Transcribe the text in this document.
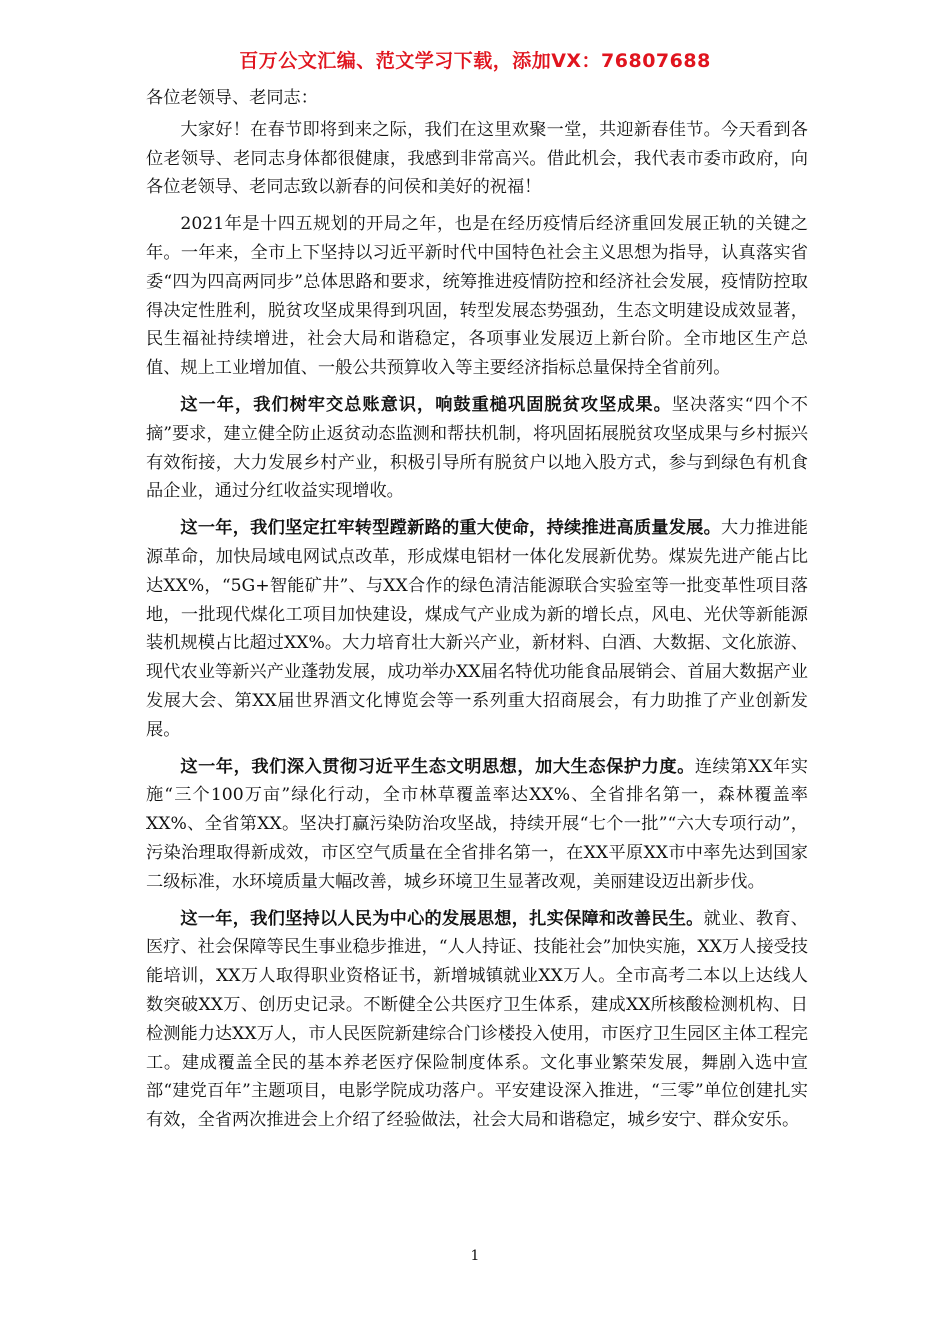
百万公文汇编、范文学习下载，添加VX：76807688

各位老领导、老同志：

大家好！在春节即将到来之际，我们在这里欢聚一堂，共迎新春佳节。今天看到各位老领导、老同志身体都很健康，我感到非常高兴。借此机会，我代表市委市政府，向各位老领导、老同志致以新春的问侯和美好的祝福！

2021年是十四五规划的开局之年，也是在经历疫情后经济重回发展正轨的关键之年。一年来，全市上下坚持以习近平新时代中国特色社会主义思想为指导，认真落实省委“四为四高两同步”总体思路和要求，统筹推进疫情防控和经济社会发展，疫情防控取得决定性胜利，脱贫攻坚成果得到巩固，转型发展态势强劲，生态文明建设成效显著，民生福祉持续增进，社会大局和谐稳定，各项事业发展迈上新台阶。全市地区生产总值、规上工业增加值、一般公共预算收入等主要经济指标总量保持全省前列。

这一年，我们树牢交总账意识，响鼓重槌巩固脱贫攻坚成果。坚决落实“四个不摘”要求，建立健全防止返贫动态监测和帮扶机制，将巩固拓展脱贫攻坚成果与乡村振兴有效衔接，大力发展乡村产业，积极引导所有脱贫户以地入股方式，参与到绿色有机食品企业，通过分红收益实现增收。

这一年，我们坚定扛牢转型蹚新路的重大使命，持续推进高质量发展。大力推进能源革命，加快局域电网试点改革，形成煤电铝材一体化发展新优势。煤炭先进产能占比达XX%，“5G+智能矿井”、与XX合作的绿色清洁能源联合实验室等一批变革性项目落地，一批现代煤化工项目加快建设，煤成气产业成为新的增长点，风电、光伏等新能源装机规模占比超过XX%。大力培育壮大新兴产业，新材料、白酒、大数据、文化旅游、现代农业等新兴产业蓬勃发展，成功举办XX届名特优功能食品展销会、首届大数据产业发展大会、第XX届世界酒文化博览会等一系列重大招商展会，有力助推了产业创新发展。

这一年，我们深入贯彻习近平生态文明思想，加大生态保护力度。连续第XX年实施“三个100万亩”绿化行动，全市林草覆盖率达XX%、全省排名第一，森林覆盖率XX%、全省第XX。坚决打赢污染防治攻坚战，持续开展“七个一批”“六大专项行动”，污染治理取得新成效，市区空气质量在全省排名第一，在XX平原XX市中率先达到国家二级标准，水环境质量大幅改善，城乡环境卫生显著改观，美丽建设迈出新步伐。

这一年，我们坚持以人民为中心的发展思想，扎实保障和改善民生。就业、教育、医疗、社会保障等民生事业稳步推进，“人人持证、技能社会”加快实施，XX万人接受技能培训，XX万人取得职业资格证书，新增城镇就业XX万人。全市高考二本以上达线人数突破XX万、创历史记录。不断健全公共医疗卫生体系，建成XX所核酸检测机构、日检测能力达XX万人，市人民医院新建综合门诊楼投入使用，市医疗卫生园区主体工程完工。建成覆盖全民的基本养老医疗保险制度体系。文化事业繁荣发展，舞剧入选中宣部“建党百年”主题项目，电影学院成功落户。平安建设深入推进，“三零”单位创建扎实有效，全省两次推进会上介绍了经验做法，社会大局和谐稳定，城乡安宁、群众安乐。

1
